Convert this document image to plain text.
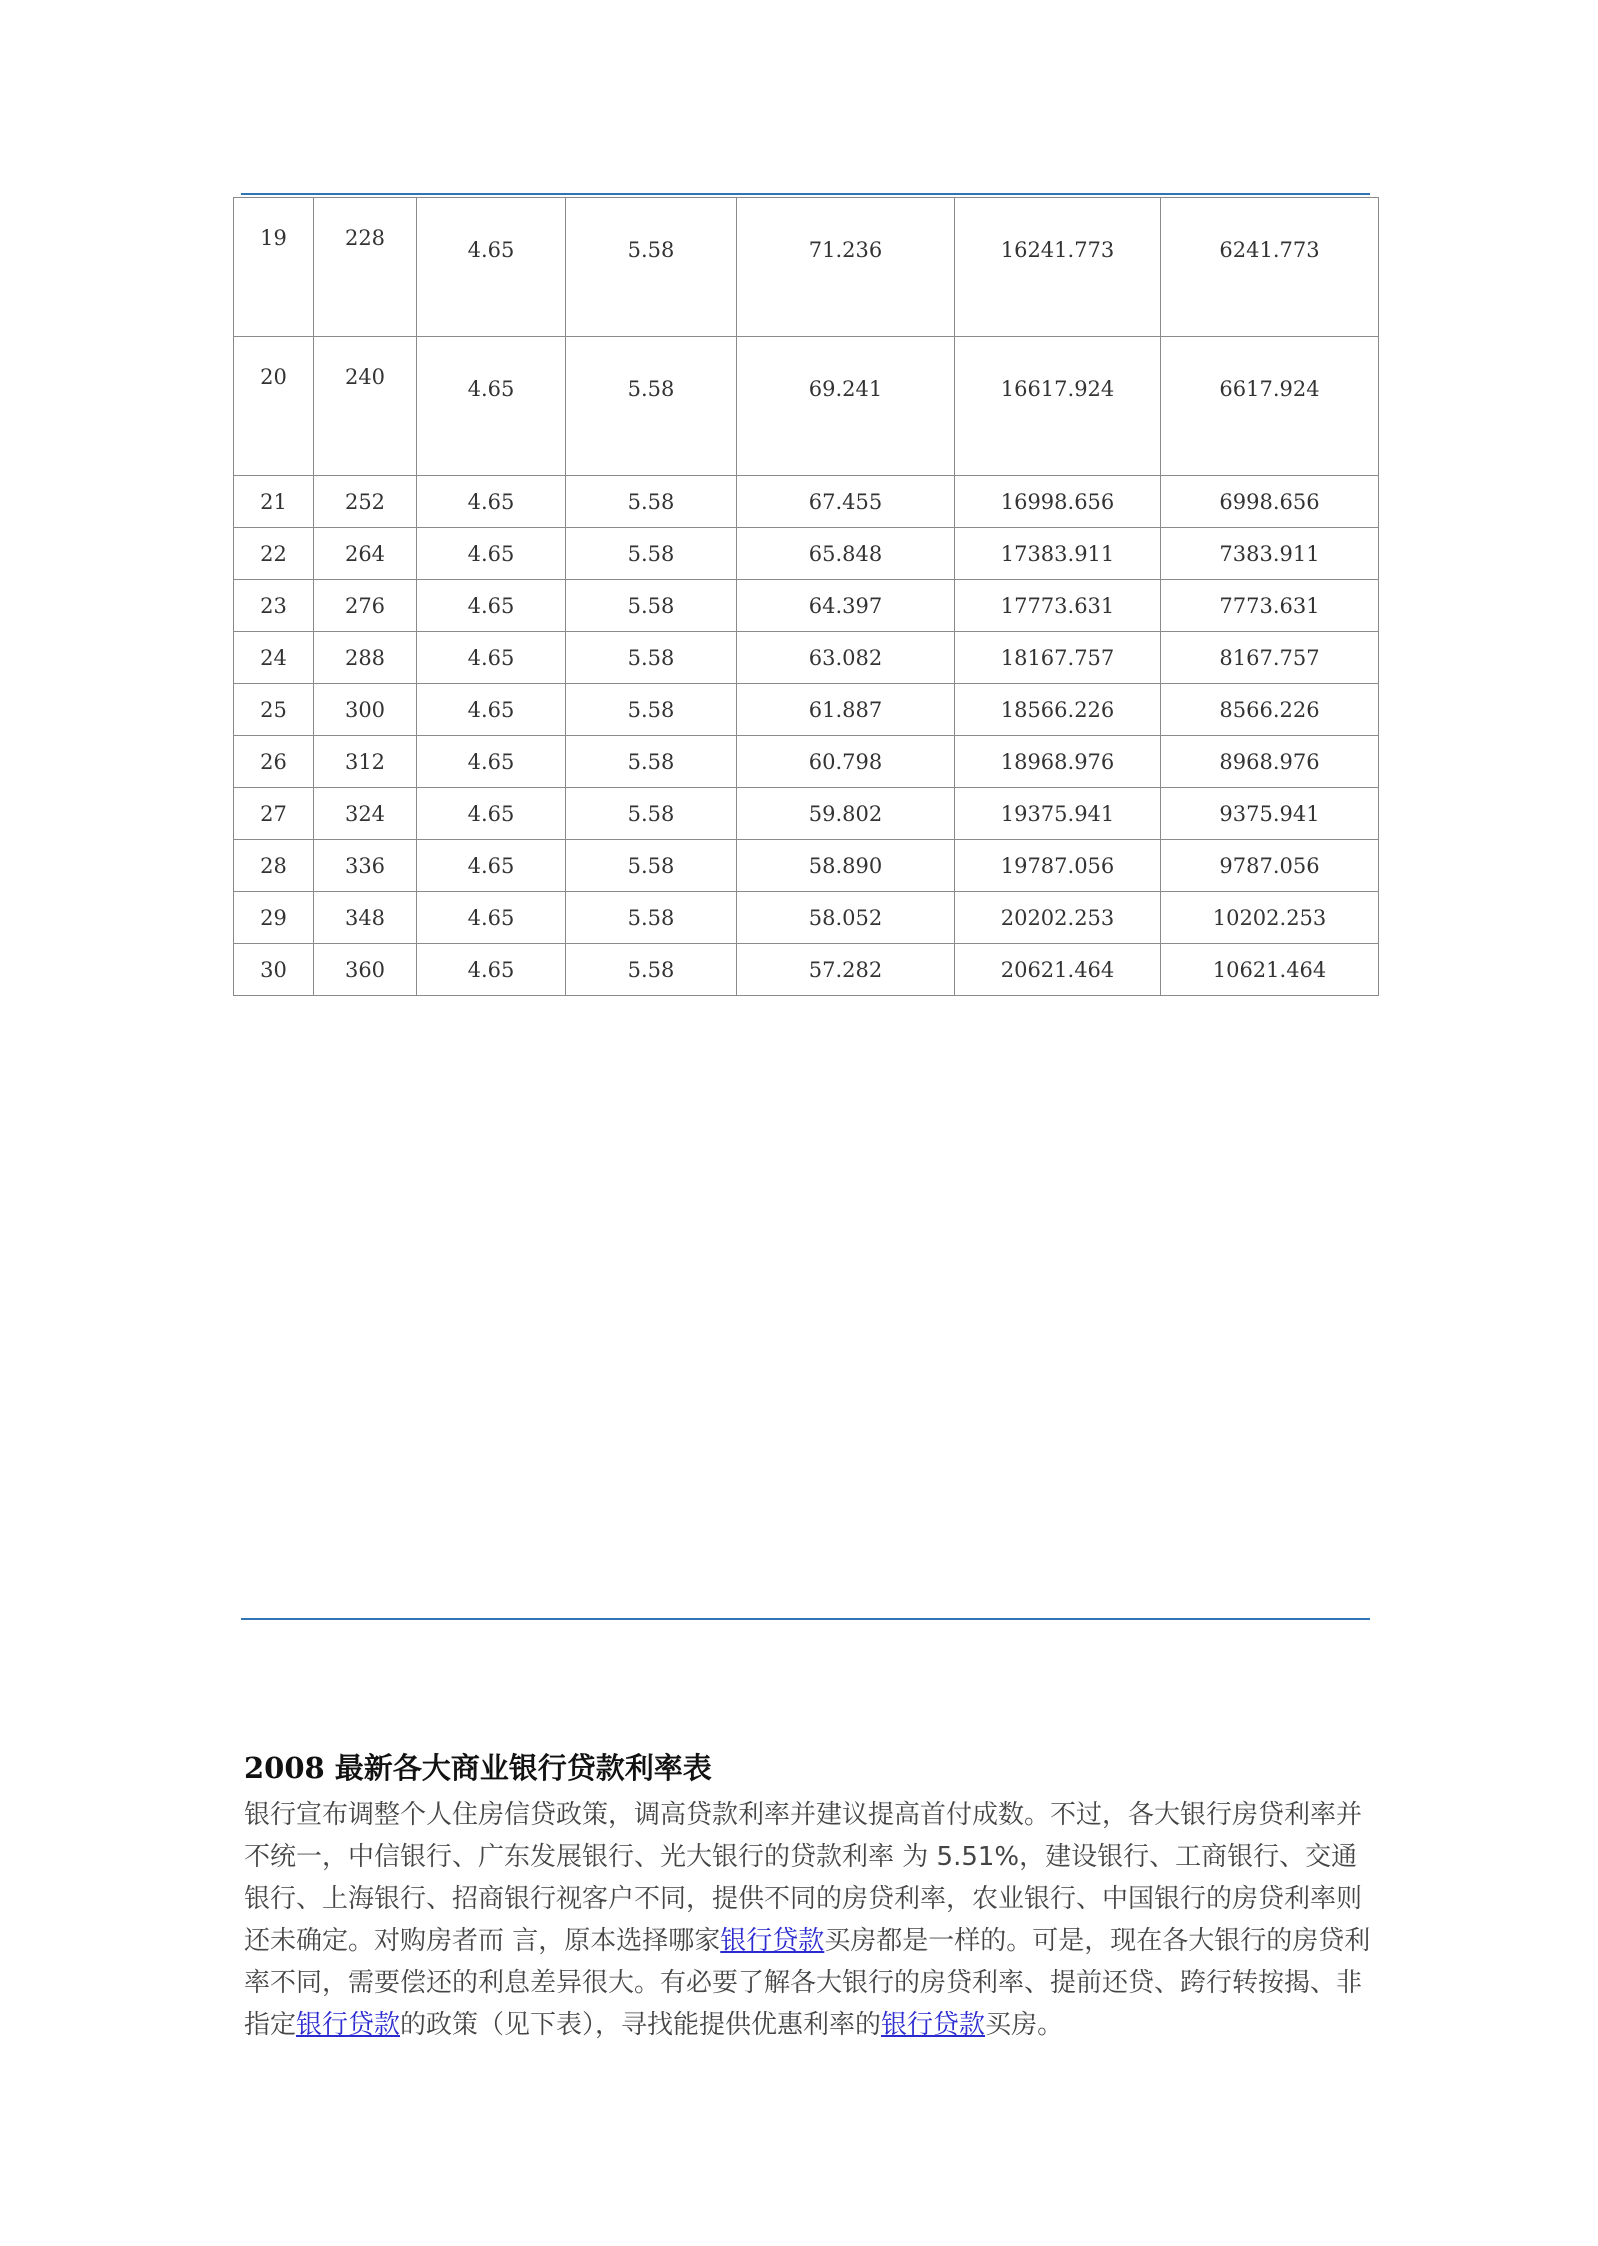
19	228	4.65	5.58	71.236	16241.773	6241.773
20	240	4.65	5.58	69.241	16617.924	6617.924
21	252	4.65	5.58	67.455	16998.656	6998.656
22	264	4.65	5.58	65.848	17383.911	7383.911
23	276	4.65	5.58	64.397	17773.631	7773.631
24	288	4.65	5.58	63.082	18167.757	8167.757
25	300	4.65	5.58	61.887	18566.226	8566.226
26	312	4.65	5.58	60.798	18968.976	8968.976
27	324	4.65	5.58	59.802	19375.941	9375.941
28	336	4.65	5.58	58.890	19787.056	9787.056
29	348	4.65	5.58	58.052	20202.253	10202.253
30	360	4.65	5.58	57.282	20621.464	10621.464
2008 最新各大商业银行贷款利率表

银行宣布调整个人住房信贷政策，调高贷款利率并建议提高首付成数。不过，各大银行房贷利率并不统一，中信银行、广东发展银行、光大银行的贷款利率 为 5.51%，建设银行、工商银行、交通银行、上海银行、招商银行视客户不同，提供不同的房贷利率，农业银行、中国银行的房贷利率则还未确定。对购房者而 言，原本选择哪家银行贷款买房都是一样的。可是，现在各大银行的房贷利率不同，需要偿还的利息差异很大。有必要了解各大银行的房贷利率、提前还贷、跨行转按揭、非指定银行贷款的政策（见下表），寻找能提供优惠利率的银行贷款买房。
